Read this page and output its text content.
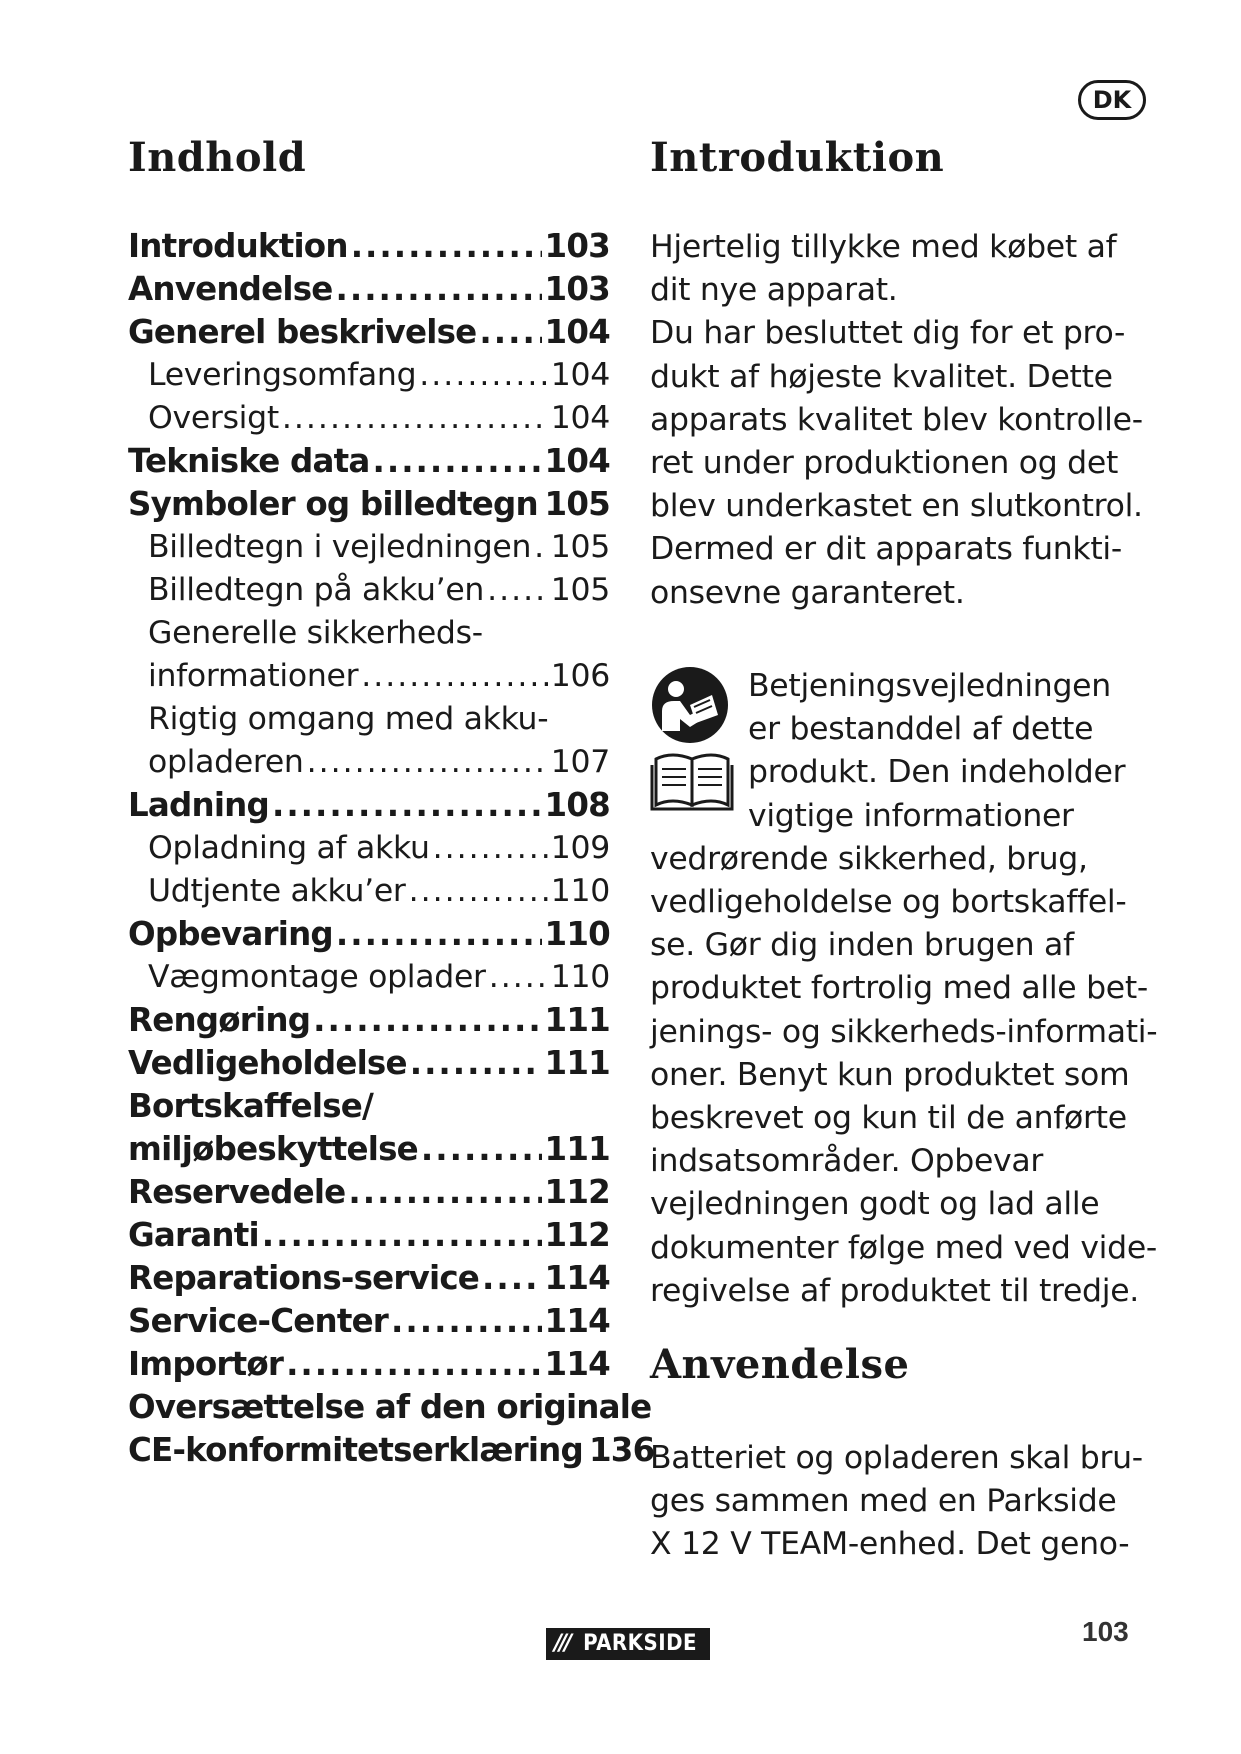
DK
Indhold	Introduktion
Introduktion .....	103
Anvendelse .....	103
Generel beskrivelse ..... 104
Leveringsomfang .....	104
Oversigt .....	104
Tekniske data .....	104
Symboler og billedtegn ..... 105
Billedtegn i vejledningen ..... 105
Billedtegn på akku’en ..... 105
Generelle sikkerheds-
informationer .....	106
Rigtig omgang med akku-
opladeren .....	107
Ladning .....	108
Opladning af akku .....	109
Udtjente akku’er .....	110
Opbevaring .....	110
Vægmontage oplader ..... 110
Rengøring .....	111
Vedligeholdelse .....	111
Bortskaffelse/
miljøbeskyttelse .....	111
Reservedele .....	112
Garanti .....	112
Reparations-service ..... 114
Service-Center .....	114
Importør .....	114
Oversættelse af den originale
CE-konformitetserklæring 136
Hjertelig tillykke med købet af
dit nye apparat.
Du har besluttet dig for et pro-
dukt af højeste kvalitet. Dette
apparats kvalitet blev kontrolle-
ret under produktionen og det
blev underkastet en slutkontrol.
Dermed er dit apparats funkti-
onsevne garanteret.
Betjeningsvejledningen
er bestanddel af dette
produkt. Den indeholder
vigtige informationer
vedrørende sikkerhed, brug,
vedligeholdelse og bortskaffel-
se. Gør dig inden brugen af
produktet fortrolig med alle bet-
jenings- og sikkerheds-informati-
oner. Benyt kun produktet som
beskrevet og kun til de anførte
indsatsområder. Opbevar
vejledningen godt og lad alle
dokumenter følge med ved vide-
regivelse af produktet til tredje.
Anvendelse
Batteriet og opladeren skal bru-
ges sammen med en Parkside
X 12 V TEAM-enhed. Det geno-
/// PARKSIDE	103
